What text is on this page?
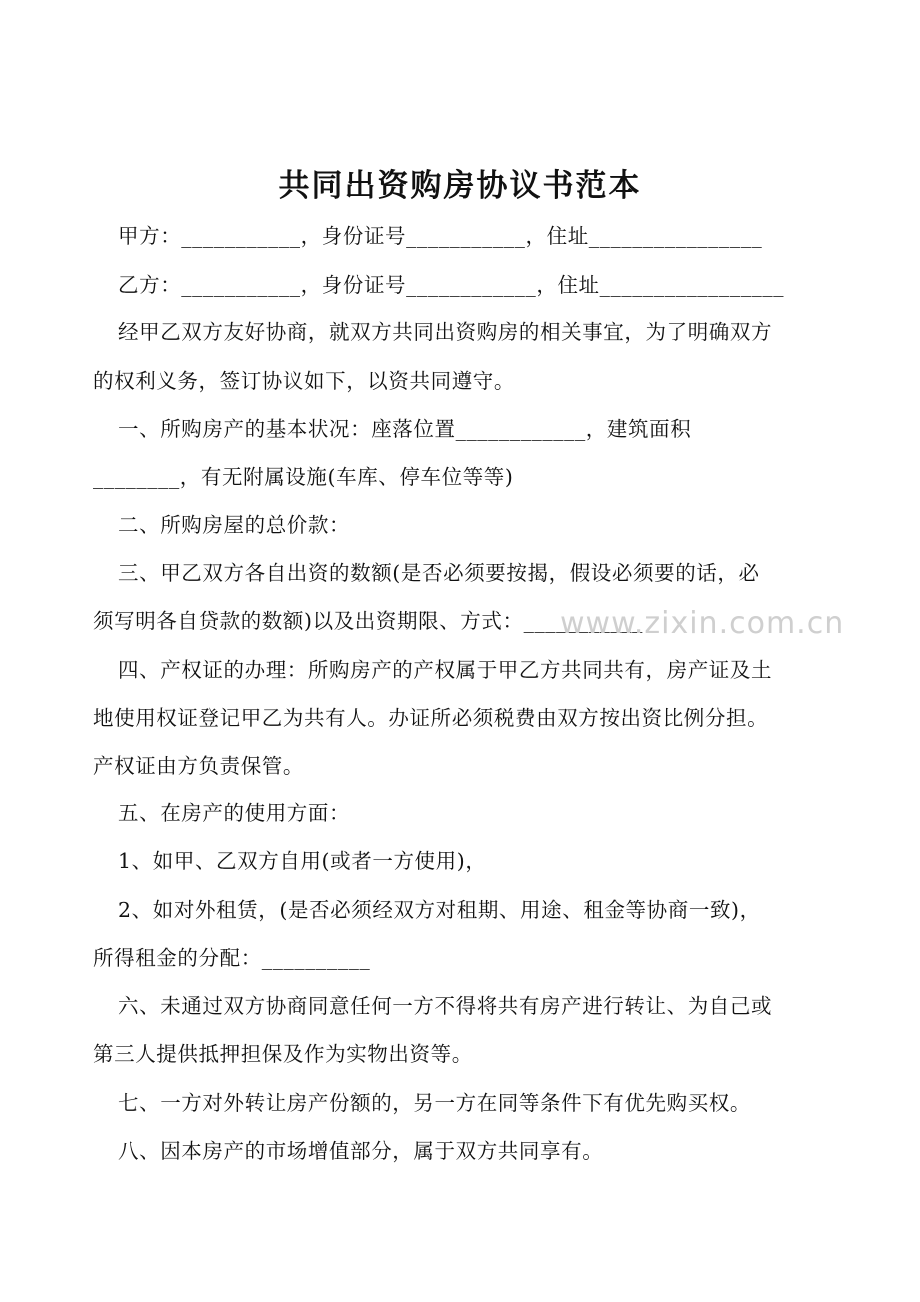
共同出资购房协议书范本
甲方：___________，身份证号___________，住址________________
乙方：___________，身份证号____________，住址_________________
经甲乙双方友好协商，就双方共同出资购房的相关事宜，为了明确双方
的权利义务，签订协议如下，以资共同遵守。
一、所购房产的基本状况：座落位置____________，建筑面积
________，有无附属设施(车库、停车位等等)
二、所购房屋的总价款：
三、甲乙双方各自出资的数额(是否必须要按揭，假设必须要的话，必
须写明各自贷款的数额)以及出资期限、方式：___________
四、产权证的办理：所购房产的产权属于甲乙方共同共有，房产证及土
地使用权证登记甲乙为共有人。办证所必须税费由双方按出资比例分担。
产权证由方负责保管。
五、在房产的使用方面：
1、如甲、乙双方自用(或者一方使用)，
2、如对外租赁，(是否必须经双方对租期、用途、租金等协商一致)，
所得租金的分配：__________
六、未通过双方协商同意任何一方不得将共有房产进行转让、为自己或
第三人提供抵押担保及作为实物出资等。
七、一方对外转让房产份额的，另一方在同等条件下有优先购买权。
八、因本房产的市场增值部分，属于双方共同享有。
www.zixin.com.cn
